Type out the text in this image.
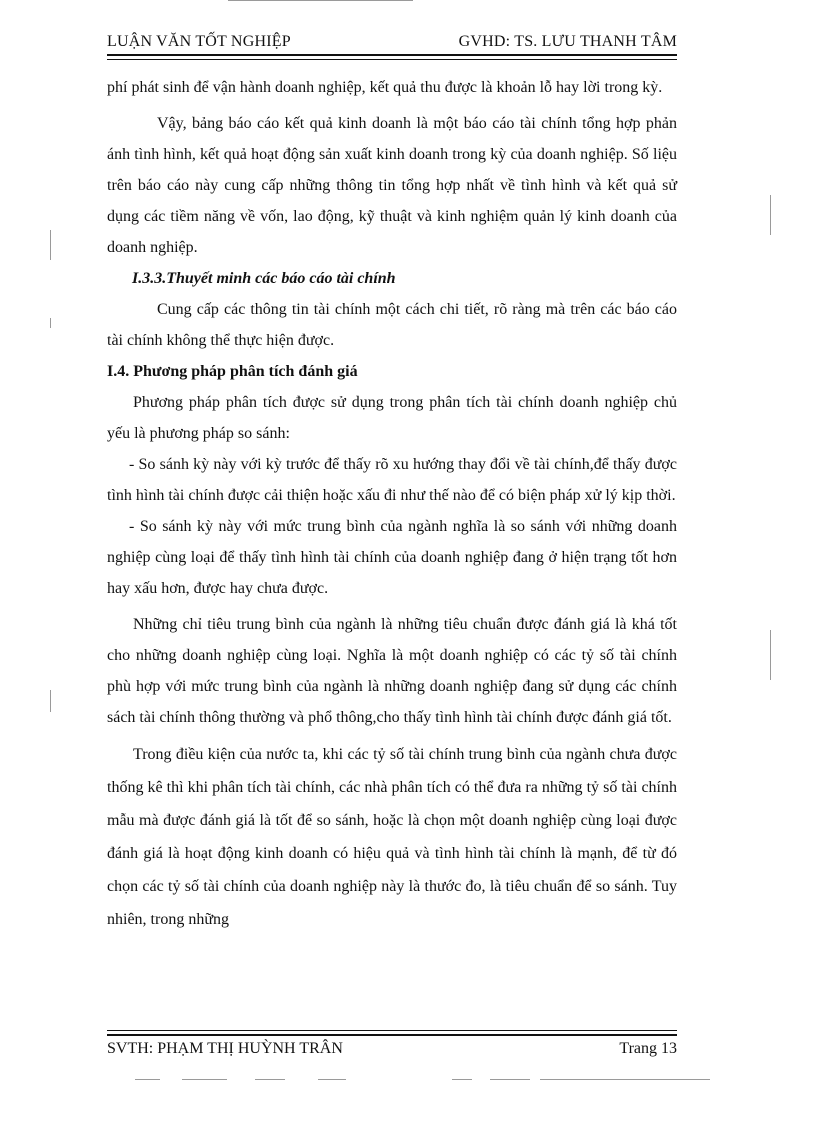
LUẬN VĂN TỐT NGHIỆP	GVHD: TS. LƯU THANH TÂM

phí phát sinh để vận hành doanh nghiệp, kết quả thu được là khoản lỗ hay lời trong kỳ.

Vậy, bảng báo cáo kết quả kinh doanh là một báo cáo tài chính tổng hợp phản ánh tình hình, kết quả hoạt động sản xuất kinh doanh trong kỳ của doanh nghiệp. Số liệu trên báo cáo này cung cấp những thông tin tổng hợp nhất về tình hình và kết quả sử dụng các tiềm năng về vốn, lao động, kỹ thuật và kinh nghiệm quản lý kinh doanh của doanh nghiệp.

I.3.3.Thuyết minh các báo cáo tài chính

Cung cấp các thông tin tài chính một cách chi tiết, rõ ràng mà trên các báo cáo tài chính không thể thực hiện được.

I.4. Phương pháp phân tích đánh giá

Phương pháp phân tích được sử dụng trong phân tích tài chính doanh nghiệp chủ yếu là phương pháp so sánh:

- So sánh kỳ này với kỳ trước để thấy rõ xu hướng thay đổi về tài chính,để thấy được tình hình tài chính được cải thiện hoặc xấu đi như thế nào để có biện pháp xử lý kịp thời.

- So sánh kỳ này với mức trung bình của ngành nghĩa là so sánh với những doanh nghiệp cùng loại để thấy tình hình tài chính của doanh nghiệp đang ở hiện trạng tốt hơn hay xấu hơn, được hay chưa được.

Những chỉ tiêu trung bình của ngành là những tiêu chuẩn được đánh giá là khá tốt cho những doanh nghiệp cùng loại. Nghĩa là một doanh nghiệp có các tỷ số tài chính phù hợp với mức trung bình của ngành là những doanh nghiệp đang sử dụng các chính sách tài chính thông thường và phổ thông,cho thấy tình hình tài chính được đánh giá tốt.

Trong điều kiện của nước ta, khi các tỷ số tài chính trung bình của ngành chưa được thống kê thì khi phân tích tài chính, các nhà phân tích có thể đưa ra những tỷ số tài chính mẫu mà được đánh giá là tốt để so sánh, hoặc là chọn một doanh nghiệp cùng loại được đánh giá là hoạt động kinh doanh có hiệu quả và tình hình tài chính là mạnh, để từ đó chọn các tỷ số tài chính của doanh nghiệp này là thước đo, là tiêu chuẩn để so sánh. Tuy nhiên, trong những

SVTH: PHẠM THỊ HUỲNH TRÂN	Trang 13
